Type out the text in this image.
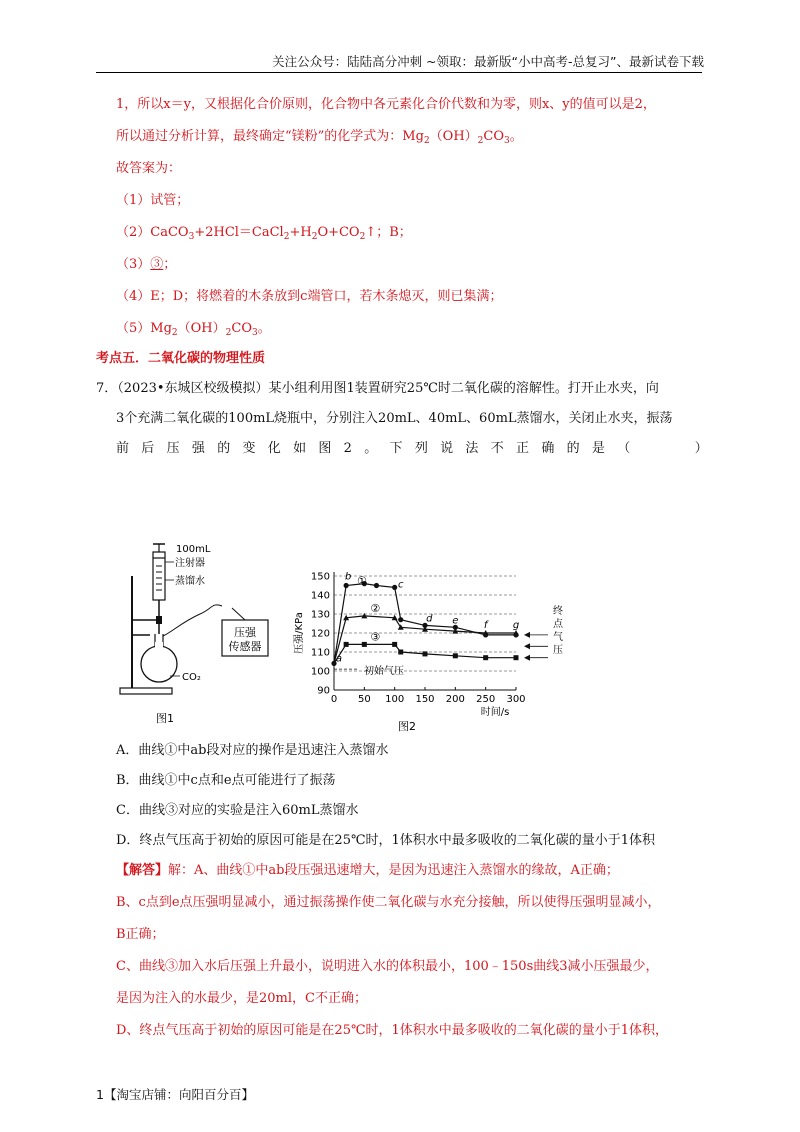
关注公众号：陆陆高分冲刺 ~领取：最新版“小中高考-总复习”、最新试卷下载
1，所以x＝y，又根据化合价原则，化合物中各元素化合价代数和为零，则x、y的值可以是2，
所以通过分析计算，最终确定“镁粉”的化学式为：$Mg_2(OH)_2CO_3$。
故答案为：
（1）试管；
$(2)CaCO_3+2HCl=CaCl_2+H_2O+CO_2↑$；B；
（3）③；
（4）E；D；将燃着的木条放到c端管口，若木条熄灭，则已集满；
$(5)Mg_2(OH)_2CO_3$。
考点五．二氧化碳的物理性质
7．（2023•东城区校级模拟）某小组利用图1装置研究25℃时二氧化碳的溶解性。打开止水夹，向
3个充满二氧化碳的100mL烧瓶中，分别注入20mL、40mL、60mL蒸馏水，关闭止水夹，振荡
前 后 压 强 的 变 化 如 图 2 。 下 列 说 法 不 正 确 的 是 （	）
压强
传感器
100mL
注射器
蒸馏水
CO₂
图1
90
100
110
120
130
140
150
0 50 100 150 200 250 300
时间/s
压强/KPa
初始气压
a
b
c
d e	f	g
①
②
③
终
点
气
压
图2
A．曲线①中ab段对应的操作是迅速注入蒸馏水
B．曲线①中c点和e点可能进行了振荡
C．曲线③对应的实验是注入60mL蒸馏水
D．终点气压高于初始的原因可能是在25℃时，1体积水中最多吸收的二氧化碳的量小于1体积
【解答】解：A、曲线①中ab段压强迅速增大，是因为迅速注入蒸馏水的缘故，A正确；
B、c点到e点压强明显减小，通过振荡操作使二氧化碳与水充分接触，所以使得压强明显减小，
B正确；
C、曲线③加入水后压强上升最小，说明进入水的体积最小，100﹣150s曲线3减小压强最少，
是因为注入的水最少，是20ml，C不正确；
D、终点气压高于初始的原因可能是在25℃时，1体积水中最多吸收的二氧化碳的量小于1体积，
1【淘宝店铺：向阳百分百】
